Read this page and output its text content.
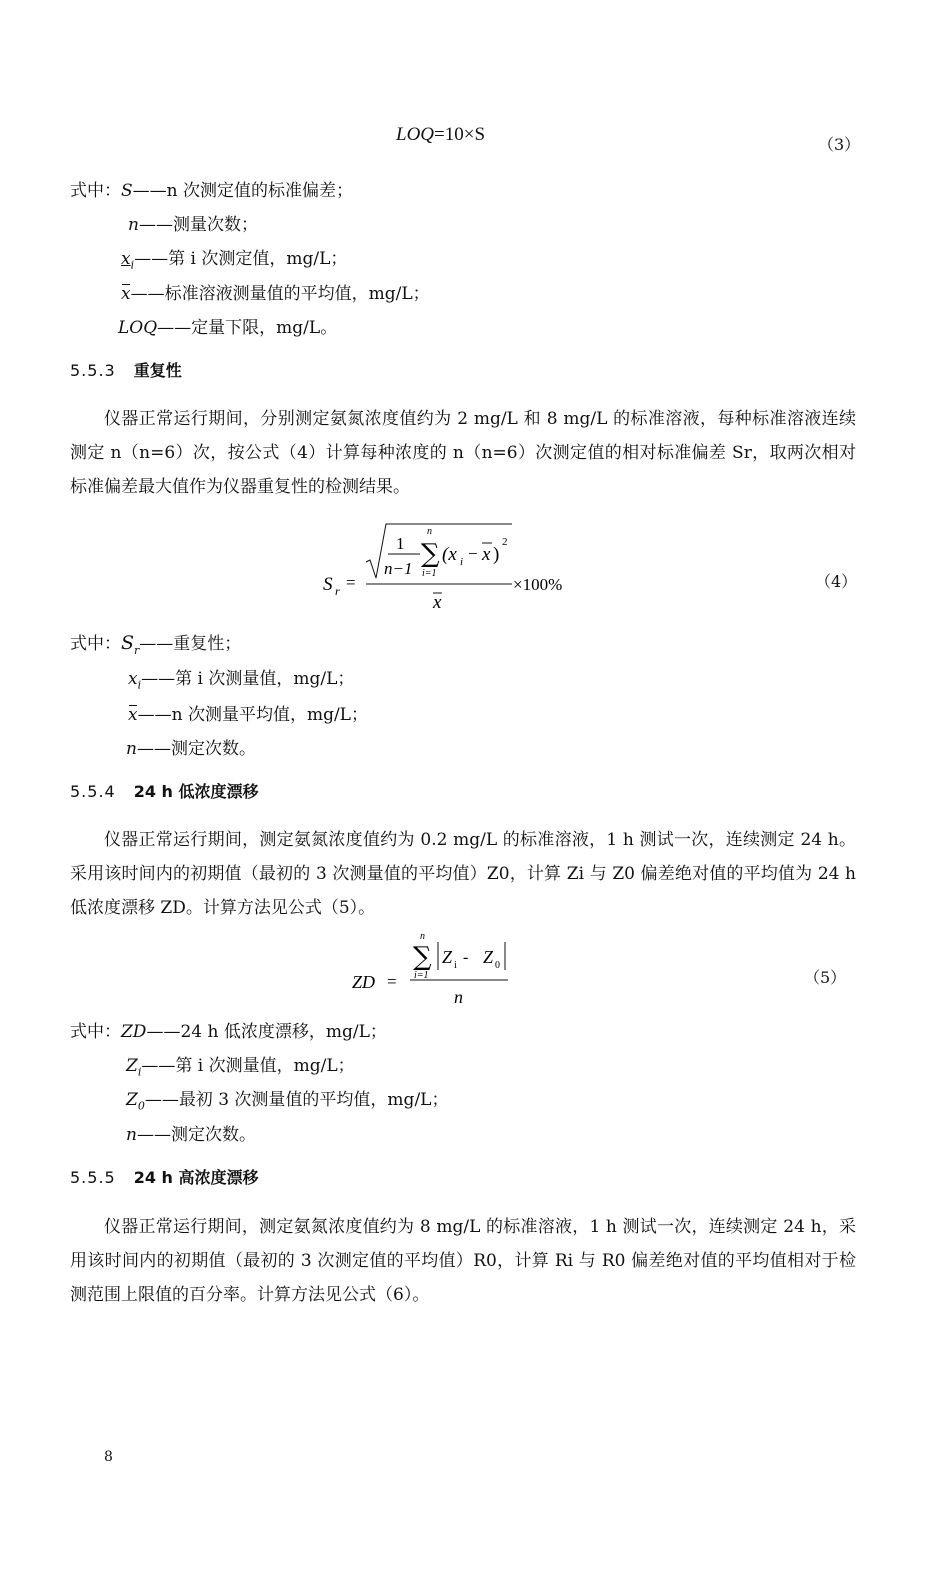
LOQ=10×S	（3）
式中：S——n 次测定值的标准偏差；
n——测量次数；
$x_i——$第 i 次测定值，mg/L；
x——标准溶液测量值的平均值，mg/L；
LOQ——定量下限，mg/L。
5.5.3 重复性
仪器正常运行期间，分别测定氨氮浓度值约为 2 mg/L 和 8 mg/L 的标准溶液，每种标准溶液连续测定 n（n=6）次，按公式（4）计算每种浓度的 n（n=6）次测定值的相对标准偏差 Sr，取两次相对标准偏差最大值作为仪器重复性的检测结果。
S r =
1
n−1
n
∑
i=1
(x i − x )
2
x
×100%	（4）
式中：$S_r——$重复性；
$x_i——$第 i 次测量值，mg/L；
x——n 次测量平均值，mg/L；
n——测定次数。
5.5.4 24 h 低浓度漂移
仪器正常运行期间，测定氨氮浓度值约为 0.2 mg/L 的标准溶液，1 h 测试一次，连续测定 24 h。采用该时间内的初期值（最初的 3 次测量值的平均值）Z0，计算 Zi 与 Z0 偏差绝对值的平均值为 24 h 低浓度漂移 ZD。计算方法见公式（5）。
ZD =
n
∑
i=1
Z i - Z 0
n
（5）
式中：ZD——24 h 低浓度漂移，mg/L；
$Z_i——$第 i 次测量值，mg/L；
$Z_0——$最初 3 次测量值的平均值，mg/L；
n——测定次数。
5.5.5 24 h 高浓度漂移
仪器正常运行期间，测定氨氮浓度值约为 8 mg/L 的标准溶液，1 h 测试一次，连续测定 24 h，采用该时间内的初期值（最初的 3 次测定值的平均值）R0，计算 Ri 与 R0 偏差绝对值的平均值相对于检测范围上限值的百分率。计算方法见公式（6）。
8
